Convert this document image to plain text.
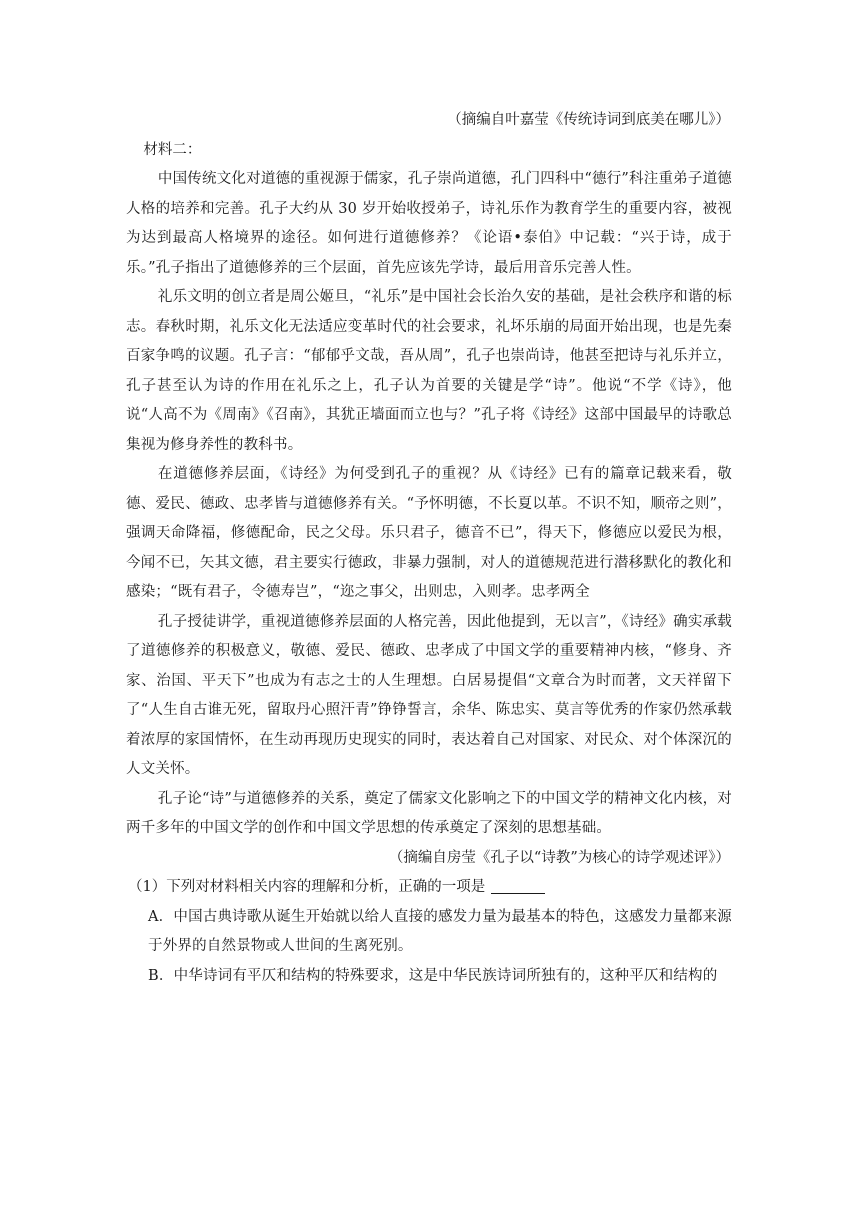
（摘编自叶嘉莹《传统诗词到底美在哪儿》）
材料二：

中国传统文化对道德的重视源于儒家，孔子崇尚道德，孔门四科中“德行”科注重弟子道德人格的培养和完善。孔子大约从 30 岁开始收授弟子，诗礼乐作为教育学生的重要内容，被视为达到最高人格境界的途径。如何进行道德修养？《论语•泰伯》中记载：“兴于诗，成于乐。”孔子指出了道德修养的三个层面，首先应该先学诗，最后用音乐完善人性。

礼乐文明的创立者是周公姬旦，“礼乐”是中国社会长治久安的基础，是社会秩序和谐的标志。春秋时期，礼乐文化无法适应变革时代的社会要求，礼坏乐崩的局面开始出现，也是先秦百家争鸣的议题。孔子言：“郁郁乎文哉，吾从周”，孔子也崇尚诗，他甚至把诗与礼乐并立，孔子甚至认为诗的作用在礼乐之上，孔子认为首要的关键是学“诗”。他说“不学《诗》，他说“人高不为《周南》《召南》，其犹正墙面而立也与？”孔子将《诗经》这部中国最早的诗歌总集视为修身养性的教科书。

在道德修养层面，《诗经》为何受到孔子的重视？从《诗经》已有的篇章记载来看，敬德、爱民、德政、忠孝皆与道德修养有关。“予怀明德，不长夏以革。不识不知，顺帝之则”，强调天命降福，修德配命，民之父母。乐只君子，德音不已”，得天下，修德应以爱民为根，今闻不已，矢其文德，君主要实行德政，非暴力强制，对人的道德规范进行潜移默化的教化和感染；“既有君子，令德寿岂”，“迩之事父，出则忠，入则孝。忠孝两全

孔子授徒讲学，重视道德修养层面的人格完善，因此他提到，无以言”，《诗经》确实承载了道德修养的积极意义，敬德、爱民、德政、忠孝成了中国文学的重要精神内核，“修身、齐家、治国、平天下”也成为有志之士的人生理想。白居易提倡“文章合为时而著，文天祥留下了“人生自古谁无死，留取丹心照汗青”铮铮誓言，余华、陈忠实、莫言等优秀的作家仍然承载着浓厚的家国情怀，在生动再现历史现实的同时，表达着自己对国家、对民众、对个体深沉的人文关怀。

孔子论“诗”与道德修养的关系，奠定了儒家文化影响之下的中国文学的精神文化内核，对两千多年的中国文学的创作和中国文学思想的传承奠定了深刻的思想基础。

（摘编自房莹《孔子以“诗教”为核心的诗学观述评》）
（1）下列对材料相关内容的理解和分析，正确的一项是

A．中国古典诗歌从诞生开始就以给人直接的感发力量为最基本的特色，这感发力量都来源于外界的自然景物或人世间的生离死别。

B．中华诗词有平仄和结构的特殊要求，这是中华民族诗词所独有的，这种平仄和结构的
